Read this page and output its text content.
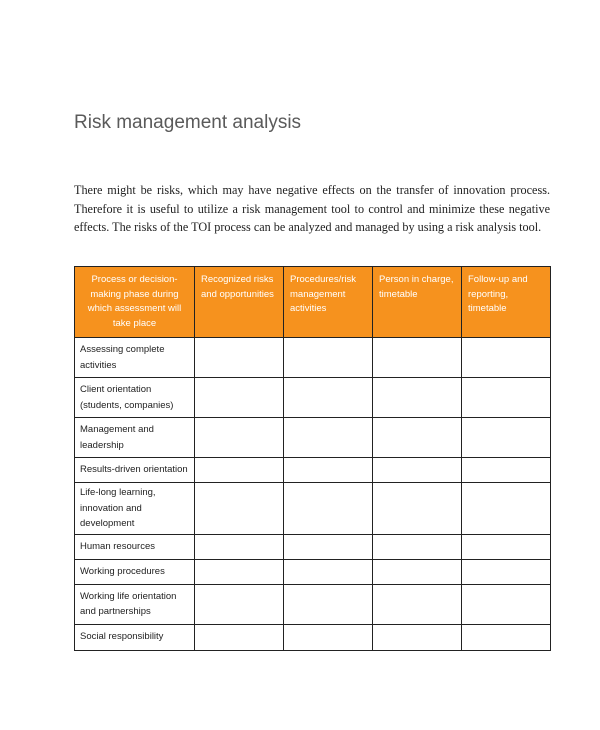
Risk management analysis
There might be risks, which may have negative effects on the transfer of innovation process.
Therefore it is useful to utilize a risk management tool to control and minimize these negative
effects. The risks of the TOI process can be analyzed and managed by using a risk analysis tool.
Process or decision-making phase during which assessment will take place	Recognized risks and opportunities	Procedures/risk management activities	Person in charge, timetable	Follow-up and reporting, timetable
Assessing complete activities				
Client orientation (students, companies)				
Management and leadership				
Results-driven orientation				
Life-long learning, innovation and development				
Human resources				
Working procedures				
Working life orientation and partnerships				
Social responsibility				
